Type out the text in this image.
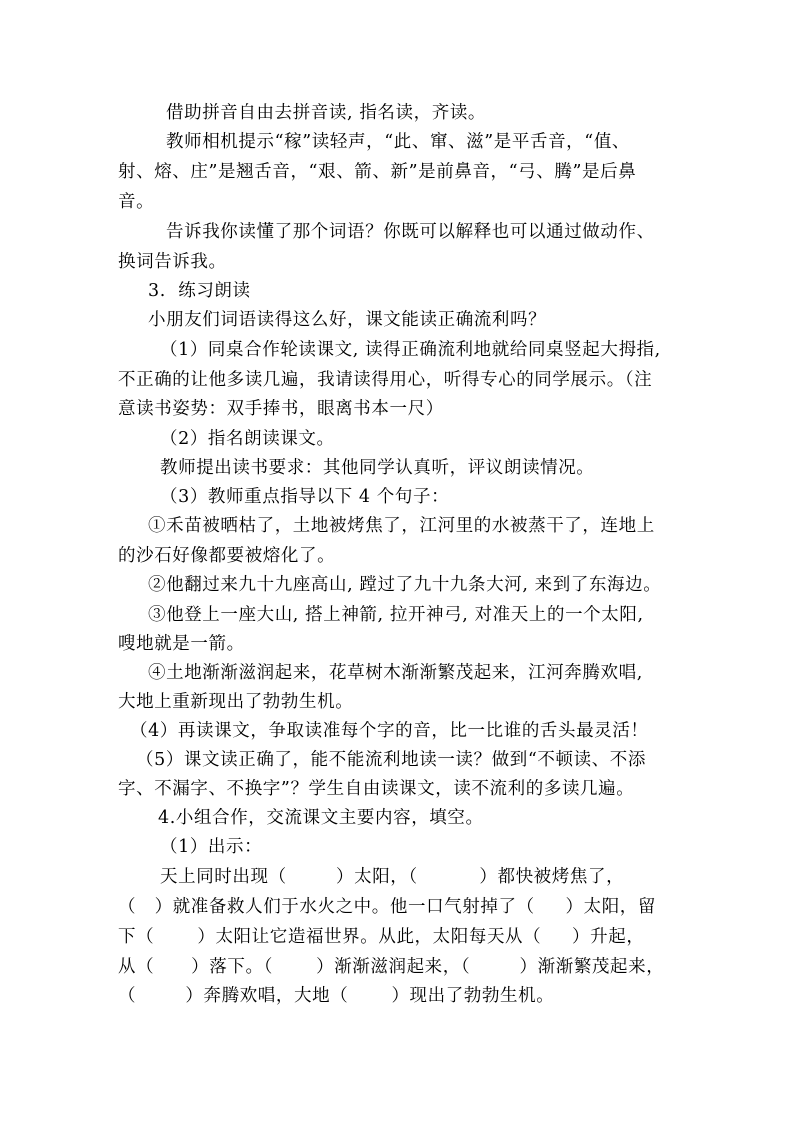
借助拼音自由去拼音读, 指名读，齐读。
教师相机提示“稼”读轻声，“此、窜、滋”是平舌音，“值、
射、熔、庄”是翘舌音，“艰、箭、新”是前鼻音，“弓、腾”是后鼻
音。
告诉我你读懂了那个词语？你既可以解释也可以通过做动作、
换词告诉我。
3.  练习朗读
小朋友们词语读得这么好，课文能读正确流利吗？
（1）同桌合作轮读课文, 读得正确流利地就给同桌竖起大拇指,
不正确的让他多读几遍，我请读得用心，听得专心的同学展示。（注
意读书姿势：双手捧书，眼离书本一尺）
（2）指名朗读课文。
教师提出读书要求：其他同学认真听，评议朗读情况。
（3）教师重点指导以下 4 个句子：
①禾苗被晒枯了，土地被烤焦了，江河里的水被蒸干了，连地上
的沙石好像都要被熔化了。
②他翻过来九十九座高山, 蹚过了九十九条大河, 来到了东海边。
③他登上一座大山, 搭上神箭, 拉开神弓, 对准天上的一个太阳,
嗖地就是一箭。
④土地渐渐滋润起来，花草树木渐渐繁茂起来，江河奔腾欢唱,
大地上重新现出了勃勃生机。
（4）再读课文，争取读准每个字的音，比一比谁的舌头最灵活！
（5）课文读正确了，能不能流利地读一读？做到“不顿读、不添
字、不漏字、不换字”？学生自由读课文，读不流利的多读几遍。
4.小组合作，交流课文主要内容，填空。
（1）出示：
天上同时出现（        ）太阳，（          ）都快被烤焦了，
（   ）就准备救人们于水火之中。他一口气射掉了（     ）太阳，留
下（       ）太阳让它造福世界。从此，太阳每天从（     ）升起，
从（      ）落下。（       ）渐渐滋润起来，（        ）渐渐繁茂起来，
（        ）奔腾欢唱，大地（       ）现出了勃勃生机。
